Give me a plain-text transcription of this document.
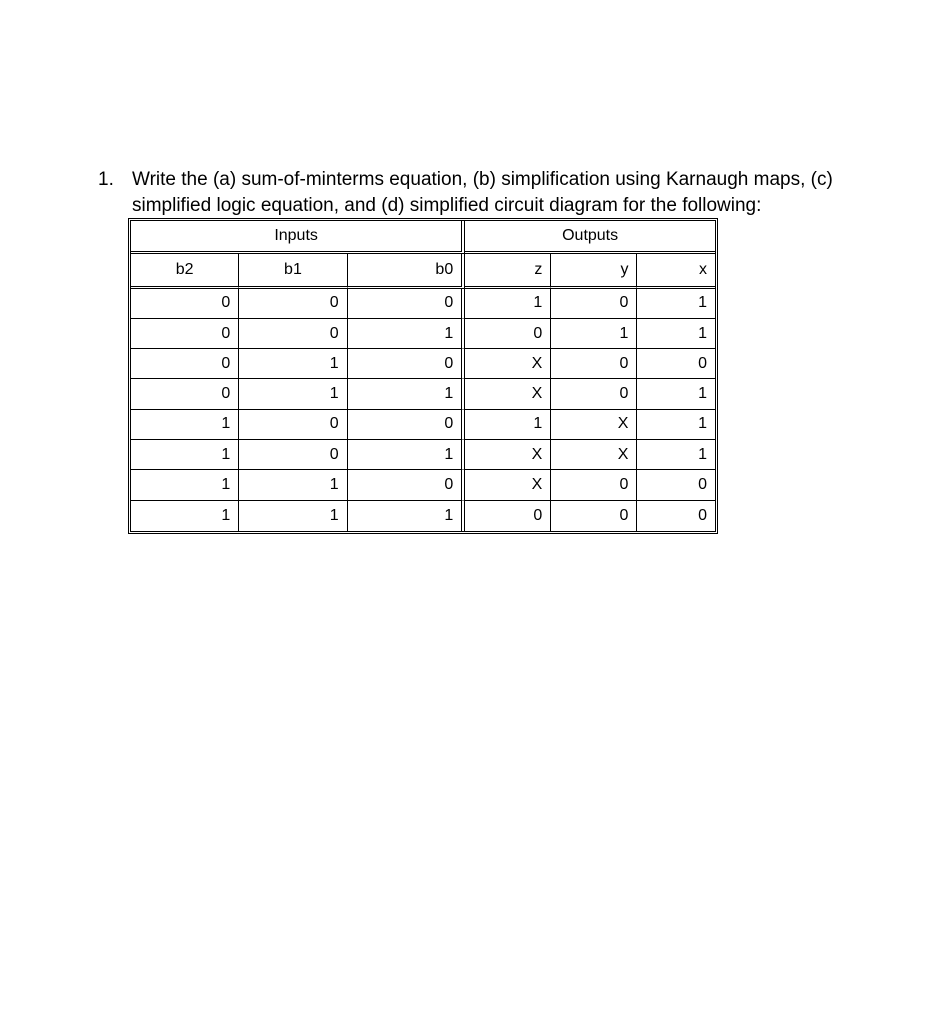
1. Write the (a) sum-of-minterms equation, (b) simplification using Karnaugh maps, (c) simplified logic equation, and (d) simplified circuit diagram for the following:
Inputs			Outputs		
b2	b1	b0	z	y	x
0	0	0	1	0	1
0	0	1	0	1	1
0	1	0	X	0	0
0	1	1	X	0	1
1	0	0	1	X	1
1	0	1	X	X	1
1	1	0	X	0	0
1	1	1	0	0	0
